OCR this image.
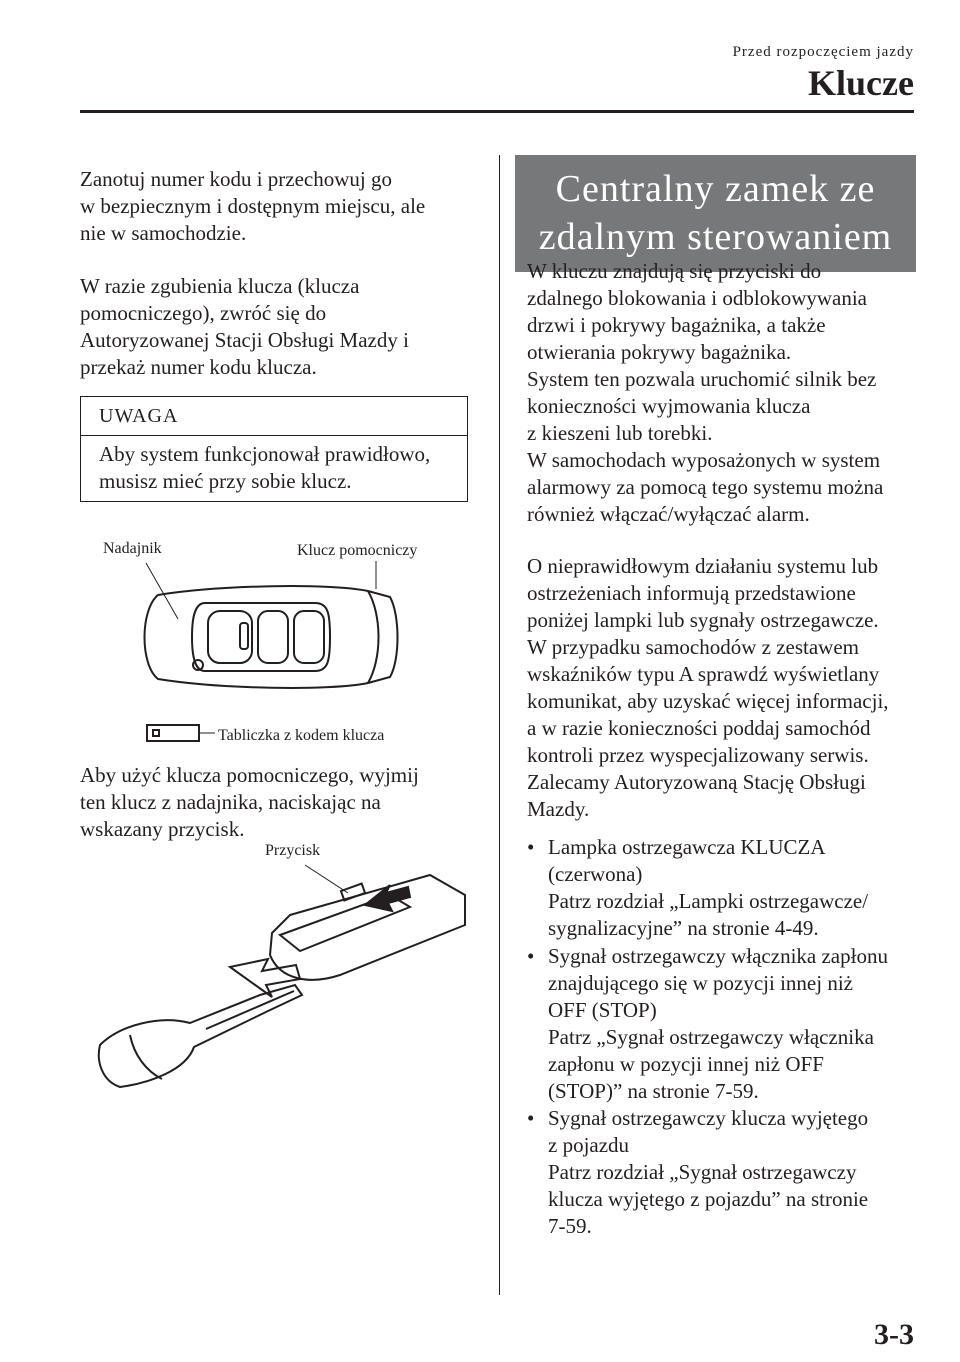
Przed rozpoczęciem jazdy
Klucze

Zanotuj numer kodu i przechowuj go
w bezpiecznym i dostępnym miejscu, ale
nie w samochodzie.

W razie zgubienia klucza (klucza
pomocniczego), zwróć się do
Autoryzowanej Stacji Obsługi Mazdy i
przekaż numer kodu klucza.

UWAGA
Aby system funkcjonował prawidłowo,
musisz mieć przy sobie klucz.
Nadajnik	Klucz pomocniczy
Tabliczka z kodem klucza

Aby użyć klucza pomocniczego, wyjmij
ten klucz z nadajnika, naciskając na
wskazany przycisk.

Przycisk
Centralny zamek ze
zdalnym sterowaniem

W kluczu znajdują się przyciski do
zdalnego blokowania i odblokowywania
drzwi i pokrywy bagażnika, a także
otwierania pokrywy bagażnika.
System ten pozwala uruchomić silnik bez
konieczności wyjmowania klucza
z kieszeni lub torebki.
W samochodach wyposażonych w system
alarmowy za pomocą tego systemu można
również włączać/wyłączać alarm.

O nieprawidłowym działaniu systemu lub
ostrzeżeniach informują przedstawione
poniżej lampki lub sygnały ostrzegawcze.
W przypadku samochodów z zestawem
wskaźników typu A sprawdź wyświetlany
komunikat, aby uzyskać więcej informacji,
a w razie konieczności poddaj samochód
kontroli przez wyspecjalizowany serwis.
Zalecamy Autoryzowaną Stację Obsługi
Mazdy.

• Lampka ostrzegawcza KLUCZA
(czerwona)
Patrz rozdział „Lampki ostrzegawcze/
sygnalizacyjne” na stronie 4-49.
• Sygnał ostrzegawczy włącznika zapłonu
znajdującego się w pozycji innej niż
OFF (STOP)
Patrz „Sygnał ostrzegawczy włącznika
zapłonu w pozycji innej niż OFF
(STOP)” na stronie 7-59.
• Sygnał ostrzegawczy klucza wyjętego
z pojazdu
Patrz rozdział „Sygnał ostrzegawczy
klucza wyjętego z pojazdu” na stronie
7-59.
3-3
